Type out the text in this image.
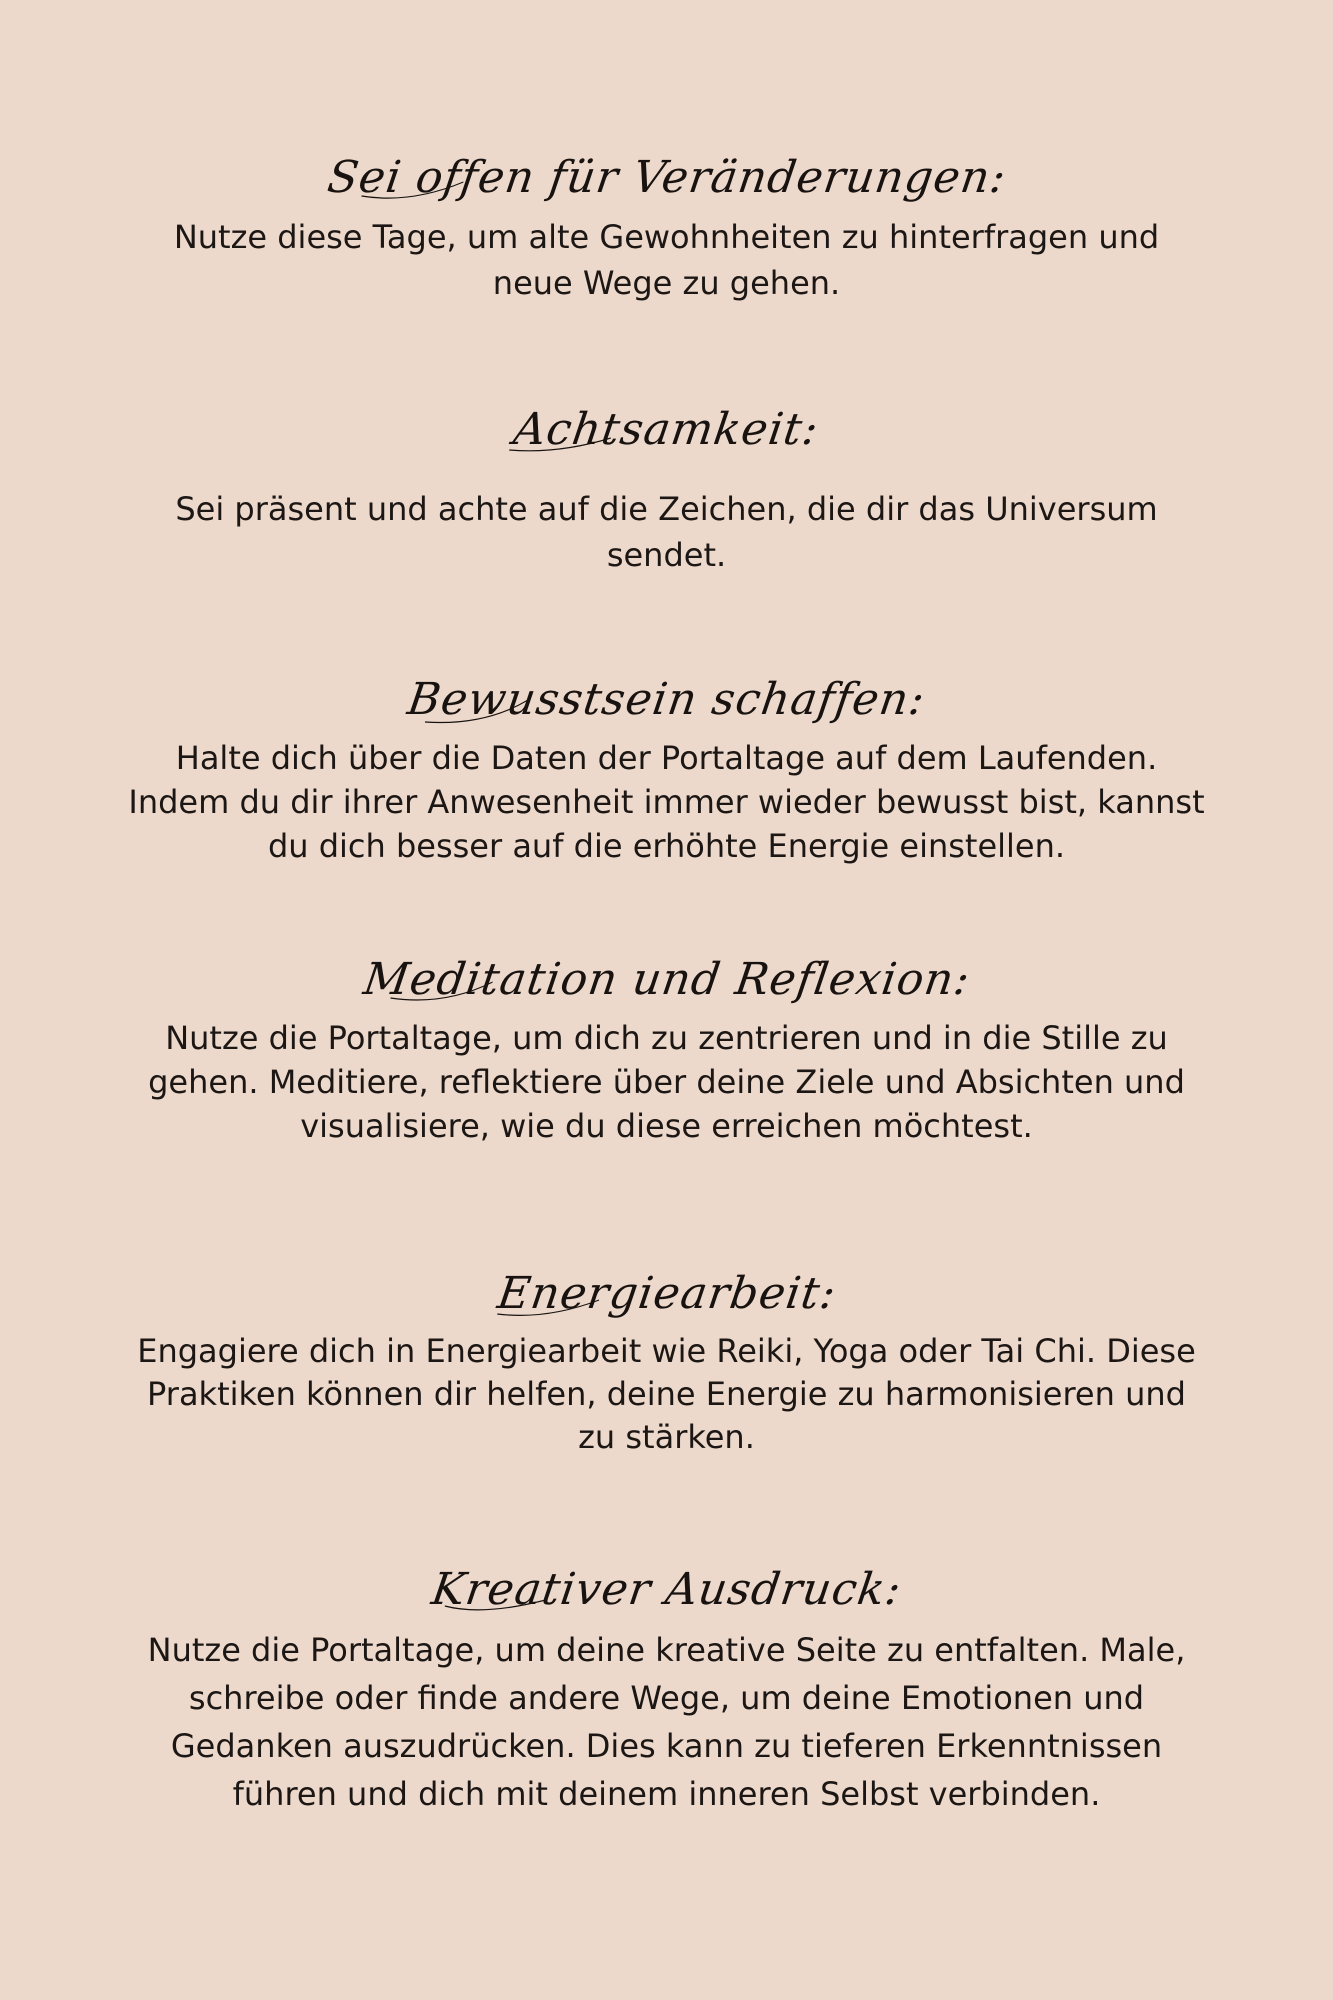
Sei offen für Veränderungen:
Nutze diese Tage, um alte Gewohnheiten zu hinterfragen und neue Wege zu gehen.
Achtsamkeit:
Sei präsent und achte auf die Zeichen, die dir das Universum sendet.
Bewusstsein schaffen:
Halte dich über die Daten der Portaltage auf dem Laufenden. Indem du dir ihrer Anwesenheit immer wieder bewusst bist, kannst du dich besser auf die erhöhte Energie einstellen.
Meditation und Reflexion:
Nutze die Portaltage, um dich zu zentrieren und in die Stille zu gehen. Meditiere, reflektiere über deine Ziele und Absichten und visualisiere, wie du diese erreichen möchtest.
Energiearbeit:
Engagiere dich in Energiearbeit wie Reiki, Yoga oder Tai Chi. Diese Praktiken können dir helfen, deine Energie zu harmonisieren und zu stärken.
Kreativer Ausdruck:
Nutze die Portaltage, um deine kreative Seite zu entfalten. Male, schreibe oder finde andere Wege, um deine Emotionen und Gedanken auszudrücken. Dies kann zu tieferen Erkenntnissen führen und dich mit deinem inneren Selbst verbinden.
